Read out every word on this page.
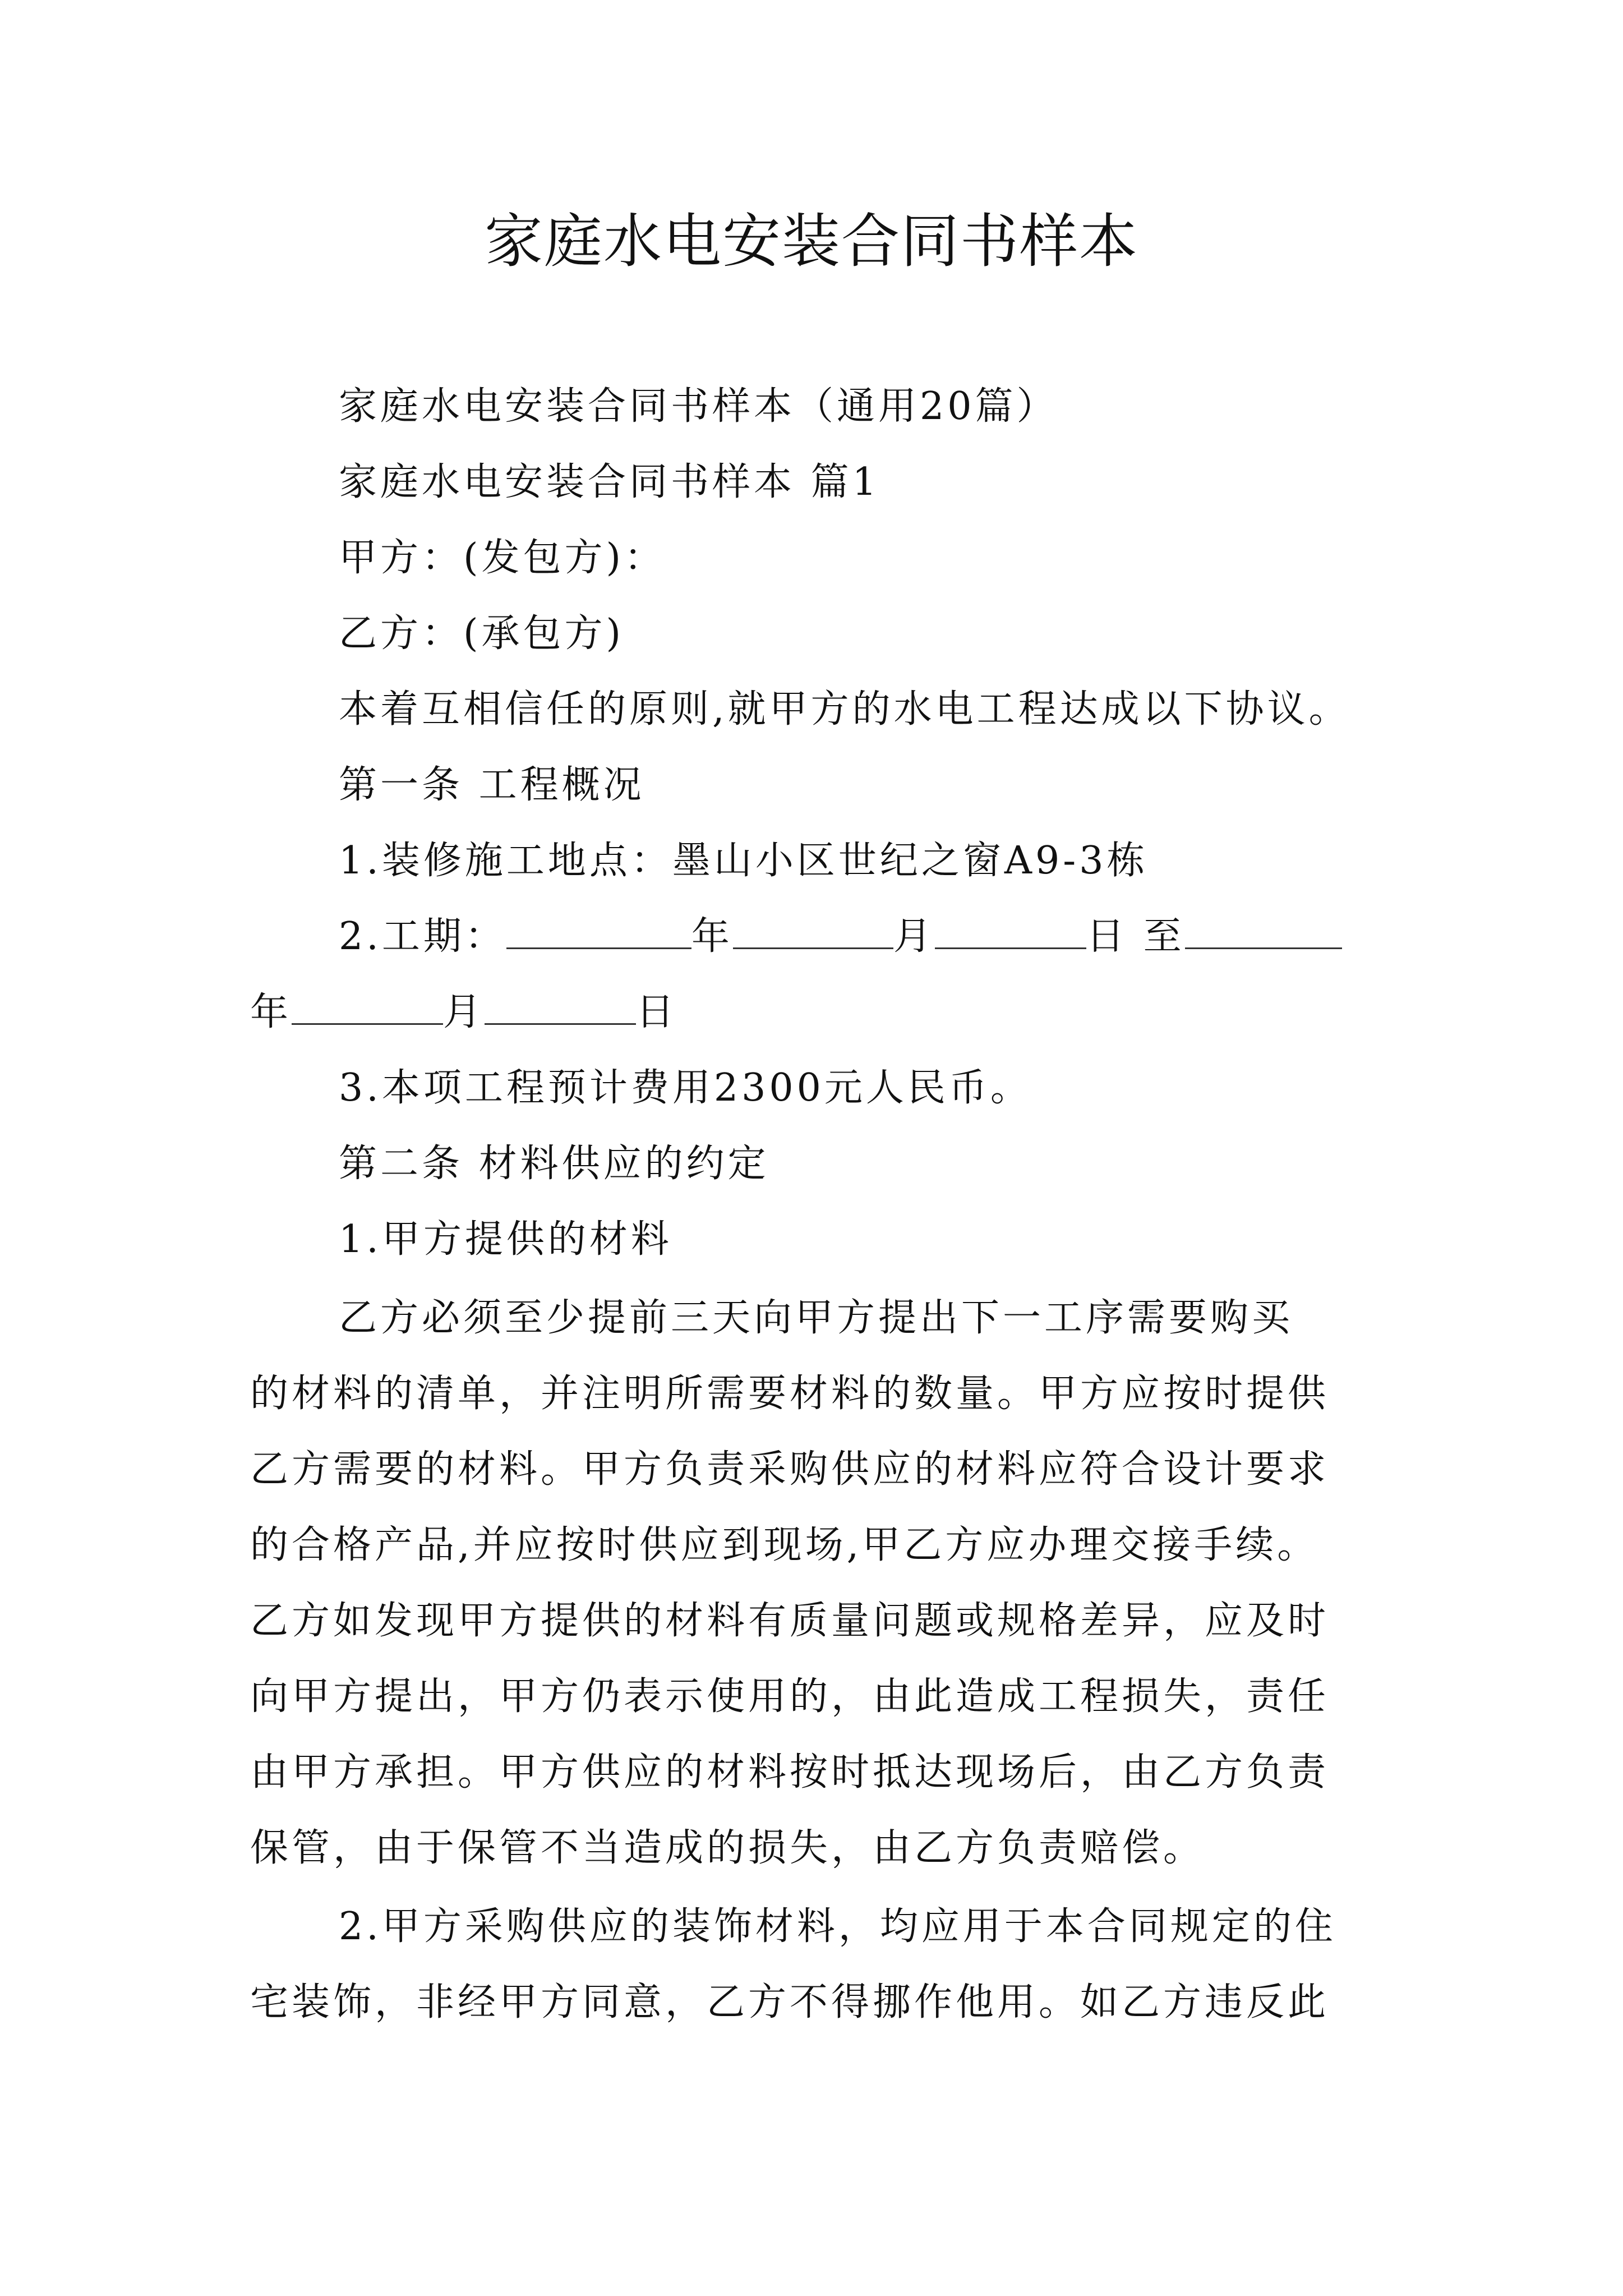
家庭水电安装合同书样本
家庭水电安装合同书样本（通用20篇）
家庭水电安装合同书样本 篇1
甲方：(发包方)：
乙方：(承包方)
本着互相信任的原则,就甲方的水电工程达成以下协议。
第一条 工程概况
1.装修施工地点：墨山小区世纪之窗A9-3栋
2.工期：	年	月	日 至
年	月	日
3.本项工程预计费用2300元人民币。
第二条 材料供应的约定
1.甲方提供的材料
乙方必须至少提前三天向甲方提出下一工序需要购买
的材料的清单，并注明所需要材料的数量。甲方应按时提供
乙方需要的材料。甲方负责采购供应的材料应符合设计要求
的合格产品,并应按时供应到现场,甲乙方应办理交接手续。
乙方如发现甲方提供的材料有质量问题或规格差异，应及时
向甲方提出，甲方仍表示使用的，由此造成工程损失，责任
由甲方承担。甲方供应的材料按时抵达现场后，由乙方负责
保管，由于保管不当造成的损失，由乙方负责赔偿。
2.甲方采购供应的装饰材料，均应用于本合同规定的住
宅装饰，非经甲方同意，乙方不得挪作他用。如乙方违反此
